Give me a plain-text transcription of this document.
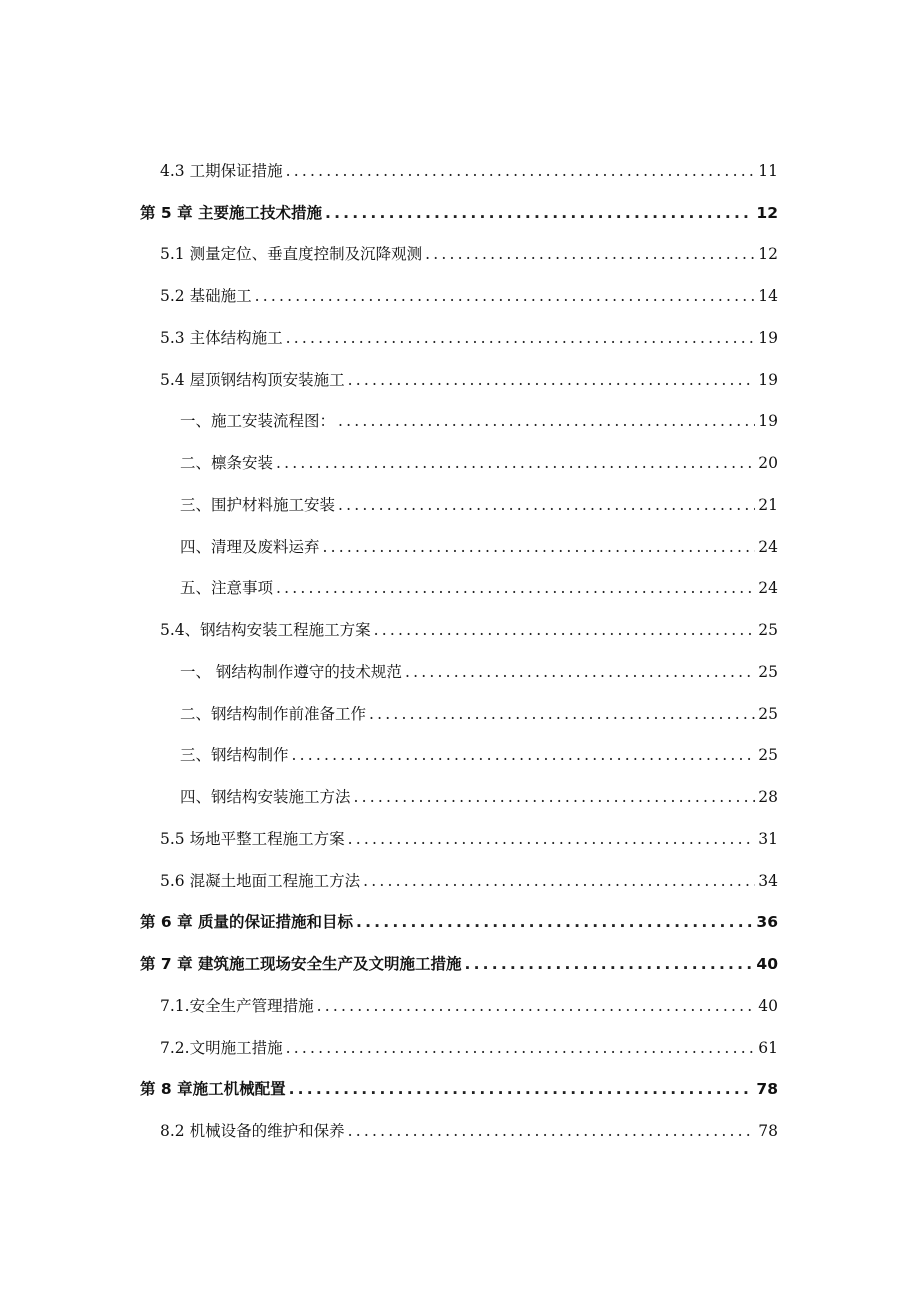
4.3 工期保证措施 .....	11
第 5 章 主要施工技术措施 .....	12
5.1 测量定位、垂直度控制及沉降观测 .....	12
5.2 基础施工 .....	14
5.3 主体结构施工 .....	19
5.4 屋顶钢结构顶安装施工 .....	19
一、施工安装流程图： .....	19
二、檩条安装 .....	20
三、围护材料施工安装 .....	21
四、清理及废料运弃 .....	24
五、注意事项 .....	24
5.4、钢结构安装工程施工方案 .....	25
一、 钢结构制作遵守的技术规范 .....	25
二、钢结构制作前准备工作 .....	25
三、钢结构制作 .....	25
四、钢结构安装施工方法 .....	28
5.5 场地平整工程施工方案 .....	31
5.6 混凝土地面工程施工方法 .....	34
第 6 章 质量的保证措施和目标 .....	36
第 7 章 建筑施工现场安全生产及文明施工措施 .....	40
7.1.安全生产管理措施 .....	40
7.2.文明施工措施 .....	61
第 8 章施工机械配置 .....	78
8.2 机械设备的维护和保养 .....	78
